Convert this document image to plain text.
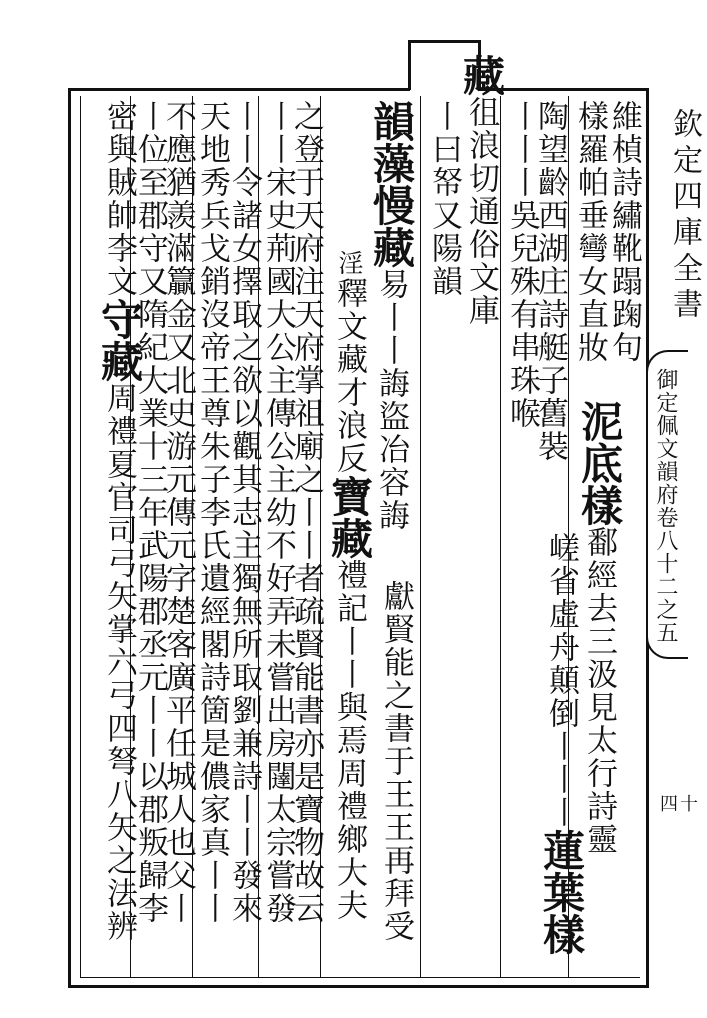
欽定四庫全書
御定佩文韻府卷八十二之五
四十
維楨詩繡靴蹋踘句
樣羅帕垂彎女直妝
陶望齡西湖庄詩艇子舊裝
丨丨丨吳兒殊有串珠喉
藏徂浪切通俗文庫
丨曰帑又陽韻
韻藻慢藏易丨丨誨盜冶容誨
淫釋文藏才浪反寶藏禮記丨丨與焉周禮鄉大夫 獻賢能之書于王王再拜受
之登于天府注天府掌祖廟之丨丨者疏賢能書亦是寶物故云
丨丨宋史荊國大公主傳公主幼不好弄未嘗出房闥太宗嘗發
丨丨令諸女擇取之欲以觀其志主獨無所取劉兼詩丨丨發來
天地秀兵戈銷沒帝王尊朱子李氏遺經閣詩箇是儂家真丨丨
不應猶羨滿籯金又北史游元傳元字楚客廣平任城人也父丨
丨位至郡守又隋紀大業十三年武陽郡丞元丨丨以郡叛歸李
密與賊帥李文守藏周禮夏官司弓矢掌六弓四弩八矢之法辨	泥底樣鄱經去三汲見太行詩靈
嵯省虛舟顛倒丨丨丨蓮葉樣
